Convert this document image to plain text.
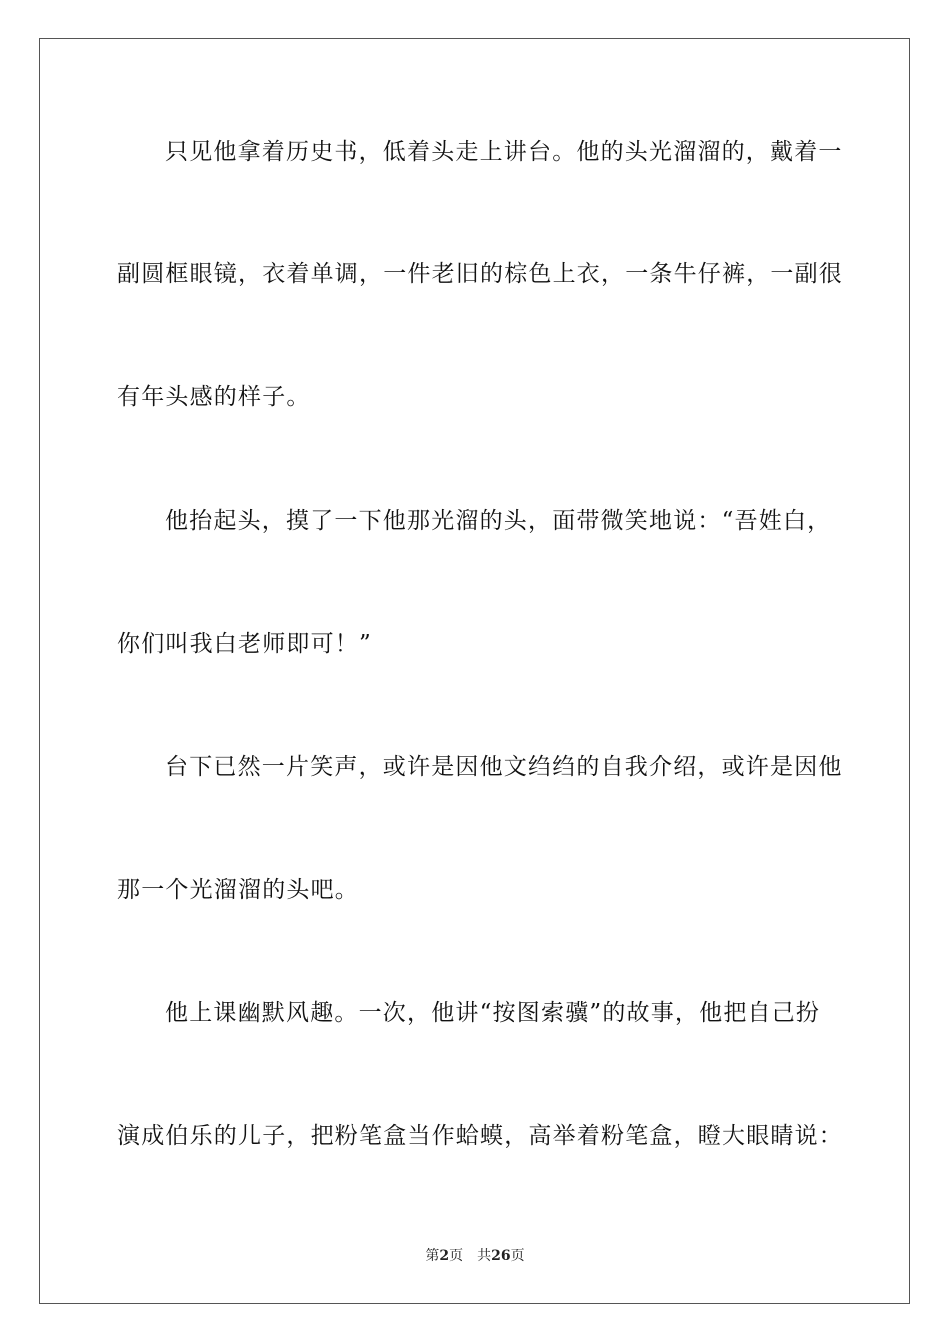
只见他拿着历史书，低着头走上讲台。他的头光溜溜的，戴着一
副圆框眼镜，衣着单调，一件老旧的棕色上衣，一条牛仔裤，一副很
有年头感的样子。
他抬起头，摸了一下他那光溜的头，面带微笑地说：“吾姓白，
你们叫我白老师即可！”
台下已然一片笑声，或许是因他文绉绉的自我介绍，或许是因他
那一个光溜溜的头吧。
他上课幽默风趣。一次，他讲“按图索骥”的故事，他把自己扮
演成伯乐的儿子，把粉笔盒当作蛤蟆，高举着粉笔盒，瞪大眼睛说：
第2页 共26页
